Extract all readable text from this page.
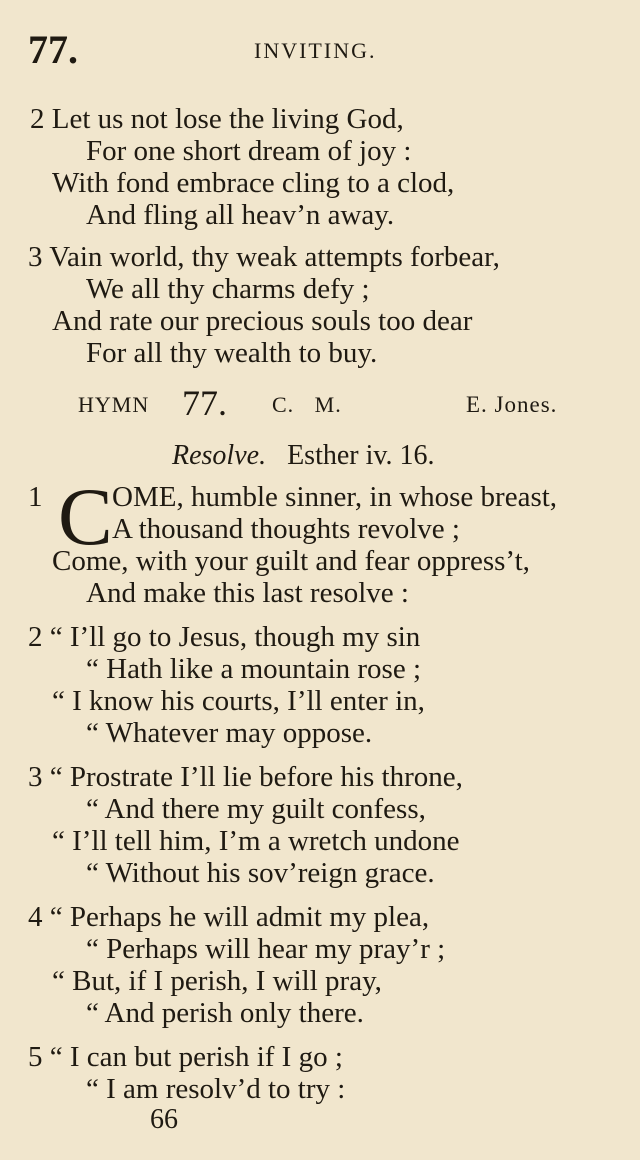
77.	INVITING.
2 Let us not lose the living God,
For one short dream of joy :
With fond embrace cling to a clod,
And fling all heav’n away.
3 Vain world, thy weak attempts forbear,
We all thy charms defy ;
And rate our precious souls too dear
For all thy wealth to buy.
HYMN 77. C. M.	E. Jones.
Resolve. Esther iv. 16.
1 C OME, humble sinner, in whose breast,
A thousand thoughts revolve ;
Come, with your guilt and fear oppress’t,
And make this last resolve :
2 “ I’ll go to Jesus, though my sin
“ Hath like a mountain rose ;
“ I know his courts, I’ll enter in,
“ Whatever may oppose.
3 “ Prostrate I’ll lie before his throne,
“ And there my guilt confess,
“ I’ll tell him, I’m a wretch undone
“ Without his sov’reign grace.
4 “ Perhaps he will admit my plea,
“ Perhaps will hear my pray’r ;
“ But, if I perish, I will pray,
“ And perish only there.
5 “ I can but perish if I go ;
“ I am resolv’d to try :
66
